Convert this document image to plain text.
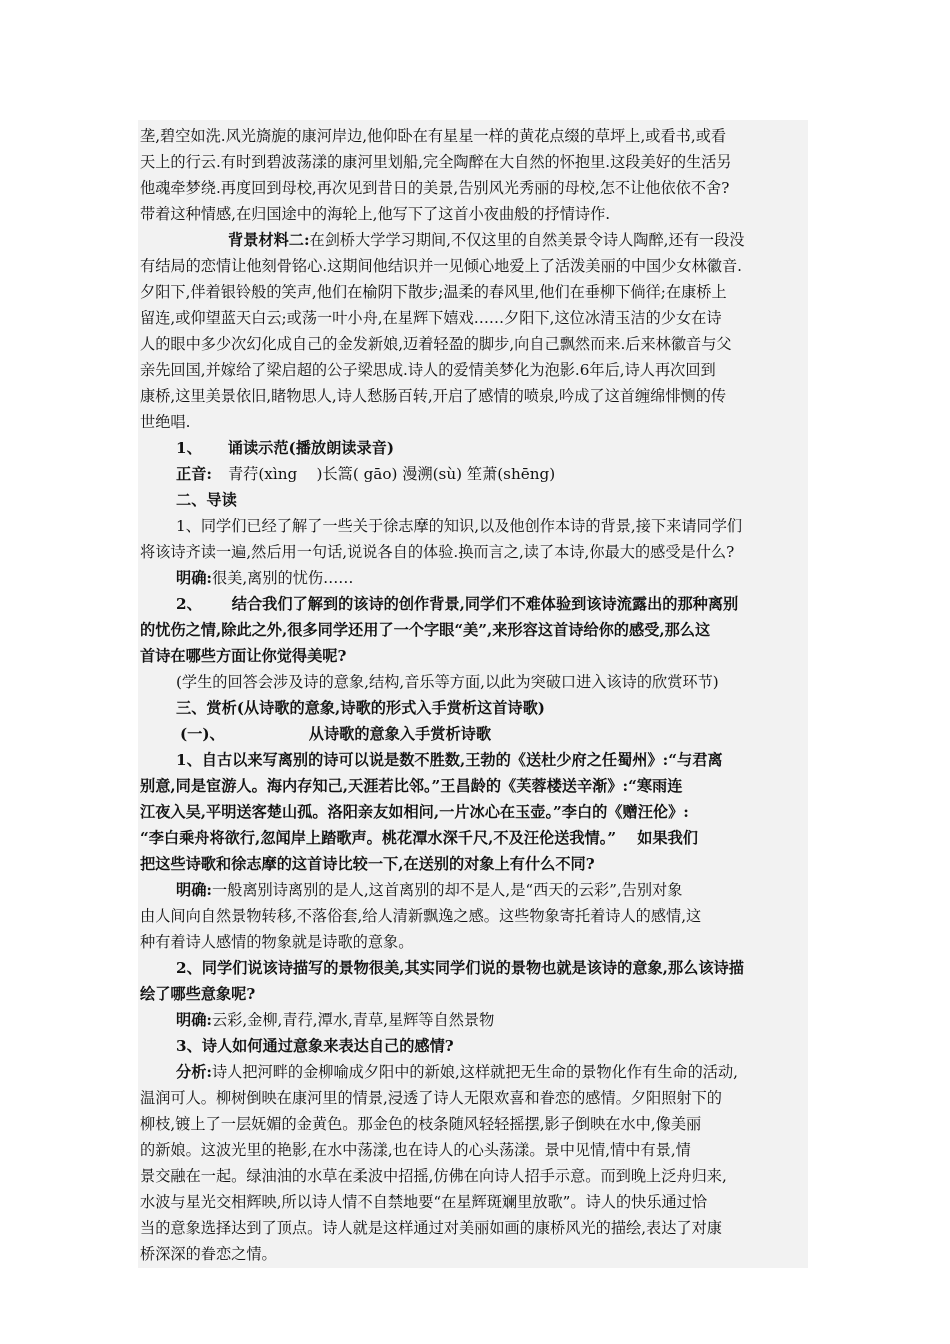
垄,碧空如洗.风光旖旎的康河岸边,他仰卧在有星星一样的黄花点缀的草坪上,或看书,或看
天上的行云.有时到碧波荡漾的康河里划船,完全陶醉在大自然的怀抱里.这段美好的生活另
他魂牵梦绕.再度回到母校,再次见到昔日的美景,告别风光秀丽的母校,怎不让他依依不舍?
带着这种情感,在归国途中的海轮上,他写下了这首小夜曲般的抒情诗作.
背景材料二:在剑桥大学学习期间,不仅这里的自然美景令诗人陶醉,还有一段没
有结局的恋情让他刻骨铭心.这期间他结识并一见倾心地爱上了活泼美丽的中国少女林徽音.
夕阳下,伴着银铃般的笑声,他们在榆阴下散步;温柔的春风里,他们在垂柳下倘徉;在康桥上
留连,或仰望蓝天白云;或荡一叶小舟,在星辉下嬉戏……夕阳下,这位冰清玉洁的少女在诗
人的眼中多少次幻化成自己的金发新娘,迈着轻盈的脚步,向自己飘然而来.后来林徽音与父
亲先回国,并嫁给了梁启超的公子梁思成.诗人的爱情美梦化为泡影.6年后,诗人再次回到
康桥,这里美景依旧,睹物思人,诗人愁肠百转,开启了感情的喷泉,吟成了这首缠绵悱恻的传
世绝唱.
1、 诵读示范(播放朗读录音)
正音: 青荇(xìng    )长篙( gāo) 漫溯(sù) 笙萧(shēng)
二、导读
1、同学们已经了解了一些关于徐志摩的知识,以及他创作本诗的背景,接下来请同学们
将该诗齐读一遍,然后用一句话,说说各自的体验.换而言之,读了本诗,你最大的感受是什么?
明确:很美,离别的忧伤……
2、 结合我们了解到的该诗的创作背景,同学们不难体验到该诗流露出的那种离别
的忧伤之情,除此之外,很多同学还用了一个字眼“美”,来形容这首诗给你的感受,那么这
首诗在哪些方面让你觉得美呢?
(学生的回答会涉及诗的意象,结构,音乐等方面,以此为突破口进入该诗的欣赏环节)
三、赏析(从诗歌的意象,诗歌的形式入手赏析这首诗歌)
(一)、	从诗歌的意象入手赏析诗歌
1、自古以来写离别的诗可以说是数不胜数,王勃的《送杜少府之任蜀州》:“与君离
别意,同是宦游人。海内存知己,天涯若比邻。”王昌龄的《芙蓉楼送辛渐》:“寒雨连
江夜入吴,平明送客楚山孤。洛阳亲友如相问,一片冰心在玉壶。”李白的《赠汪伦》:
“李白乘舟将欲行,忽闻岸上踏歌声。桃花潭水深千尺,不及汪伦送我情。”    如果我们
把这些诗歌和徐志摩的这首诗比较一下,在送别的对象上有什么不同?
明确:一般离别诗离别的是人,这首离别的却不是人,是“西天的云彩”,告别对象
由人间向自然景物转移,不落俗套,给人清新飘逸之感。这些物象寄托着诗人的感情,这
种有着诗人感情的物象就是诗歌的意象。
2、同学们说该诗描写的景物很美,其实同学们说的景物也就是该诗的意象,那么该诗描
绘了哪些意象呢?
明确:云彩,金柳,青荇,潭水,青草,星辉等自然景物
3、诗人如何通过意象来表达自己的感情?
分析:诗人把河畔的金柳喻成夕阳中的新娘,这样就把无生命的景物化作有生命的活动,
温润可人。柳树倒映在康河里的情景,浸透了诗人无限欢喜和眷恋的感情。夕阳照射下的
柳枝,镀上了一层妩媚的金黄色。那金色的枝条随风轻轻摇摆,影子倒映在水中,像美丽
的新娘。这波光里的艳影,在水中荡漾,也在诗人的心头荡漾。景中见情,情中有景,情
景交融在一起。绿油油的水草在柔波中招摇,仿佛在向诗人招手示意。而到晚上泛舟归来,
水波与星光交相辉映,所以诗人情不自禁地要“在星辉斑斓里放歌”。诗人的快乐通过恰
当的意象选择达到了顶点。诗人就是这样通过对美丽如画的康桥风光的描绘,表达了对康
桥深深的眷恋之情。
